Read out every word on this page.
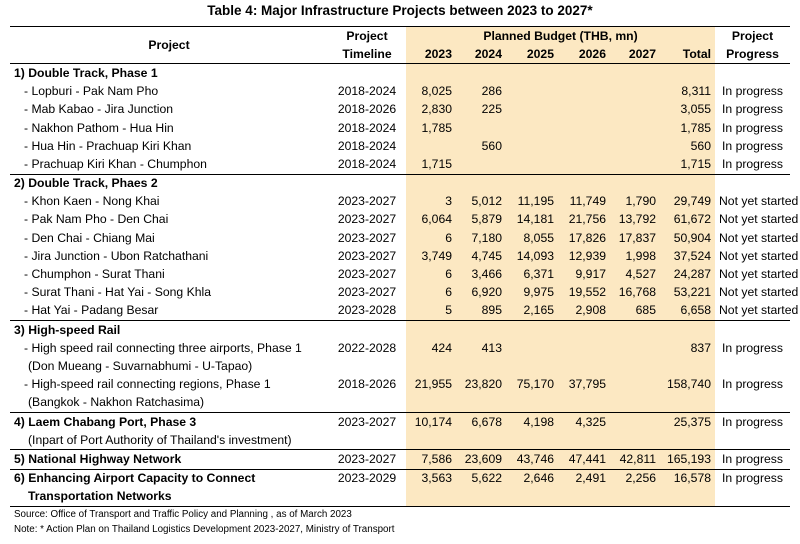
Table 4: Major Infrastructure Projects between 2023 to 2027*
Project	Project	Planned Budget (THB, mn)						Project
	Timeline	2023	2024	2025	2026	2027	Total	Progress
1) Double Track, Phase 1								
- Lopburi - Pak Nam Pho	2018-2024	8,025	286				8,311	In progress
- Mab Kabao - Jira Junction	2018-2026	2,830	225				3,055	In progress
- Nakhon Pathom - Hua Hin	2018-2024	1,785					1,785	In progress
- Hua Hin - Prachuap Kiri Khan	2018-2024		560				560	In progress
- Prachuap Kiri Khan - Chumphon	2018-2024	1,715					1,715	In progress
2) Double Track, Phaes 2								
- Khon Kaen - Nong Khai	2023-2027	3	5,012	11,195	11,749	1,790	29,749	Not yet started
- Pak Nam Pho - Den Chai	2023-2027	6,064	5,879	14,181	21,756	13,792	61,672	Not yet started
- Den Chai - Chiang Mai	2023-2027	6	7,180	8,055	17,826	17,837	50,904	Not yet started
- Jira Junction - Ubon Ratchathani	2023-2027	3,749	4,745	14,093	12,939	1,998	37,524	Not yet started
- Chumphon - Surat Thani	2023-2027	6	3,466	6,371	9,917	4,527	24,287	Not yet started
- Surat Thani - Hat Yai - Song Khla	2023-2027	6	6,920	9,975	19,552	16,768	53,221	Not yet started
- Hat Yai - Padang Besar	2023-2028	5	895	2,165	2,908	685	6,658	Not yet started
3) High-speed Rail								
- High speed rail connecting three airports, Phase 1	2022-2028	424	413				837	In progress
(Don Mueang - Suvarnabhumi - U-Tapao)								
- High-speed rail connecting regions, Phase 1	2018-2026	21,955	23,820	75,170	37,795		158,740	In progress
(Bangkok - Nakhon Ratchasima)								
4) Laem Chabang Port, Phase 3	2023-2027	10,174	6,678	4,198	4,325		25,375	In progress
(Inpart of Port Authority of Thailand's investment)								
5) National Highway Network	2023-2027	7,586	23,609	43,746	47,441	42,811	165,193	In progress
6) Enhancing Airport Capacity to Connect	2023-2029	3,563	5,622	2,646	2,491	2,256	16,578	In progress
Transportation Networks								
Source: Office of Transport and Traffic Policy and Planning , as of March 2023
Note: * Action Plan on Thailand Logistics Development 2023-2027, Ministry of Transport
